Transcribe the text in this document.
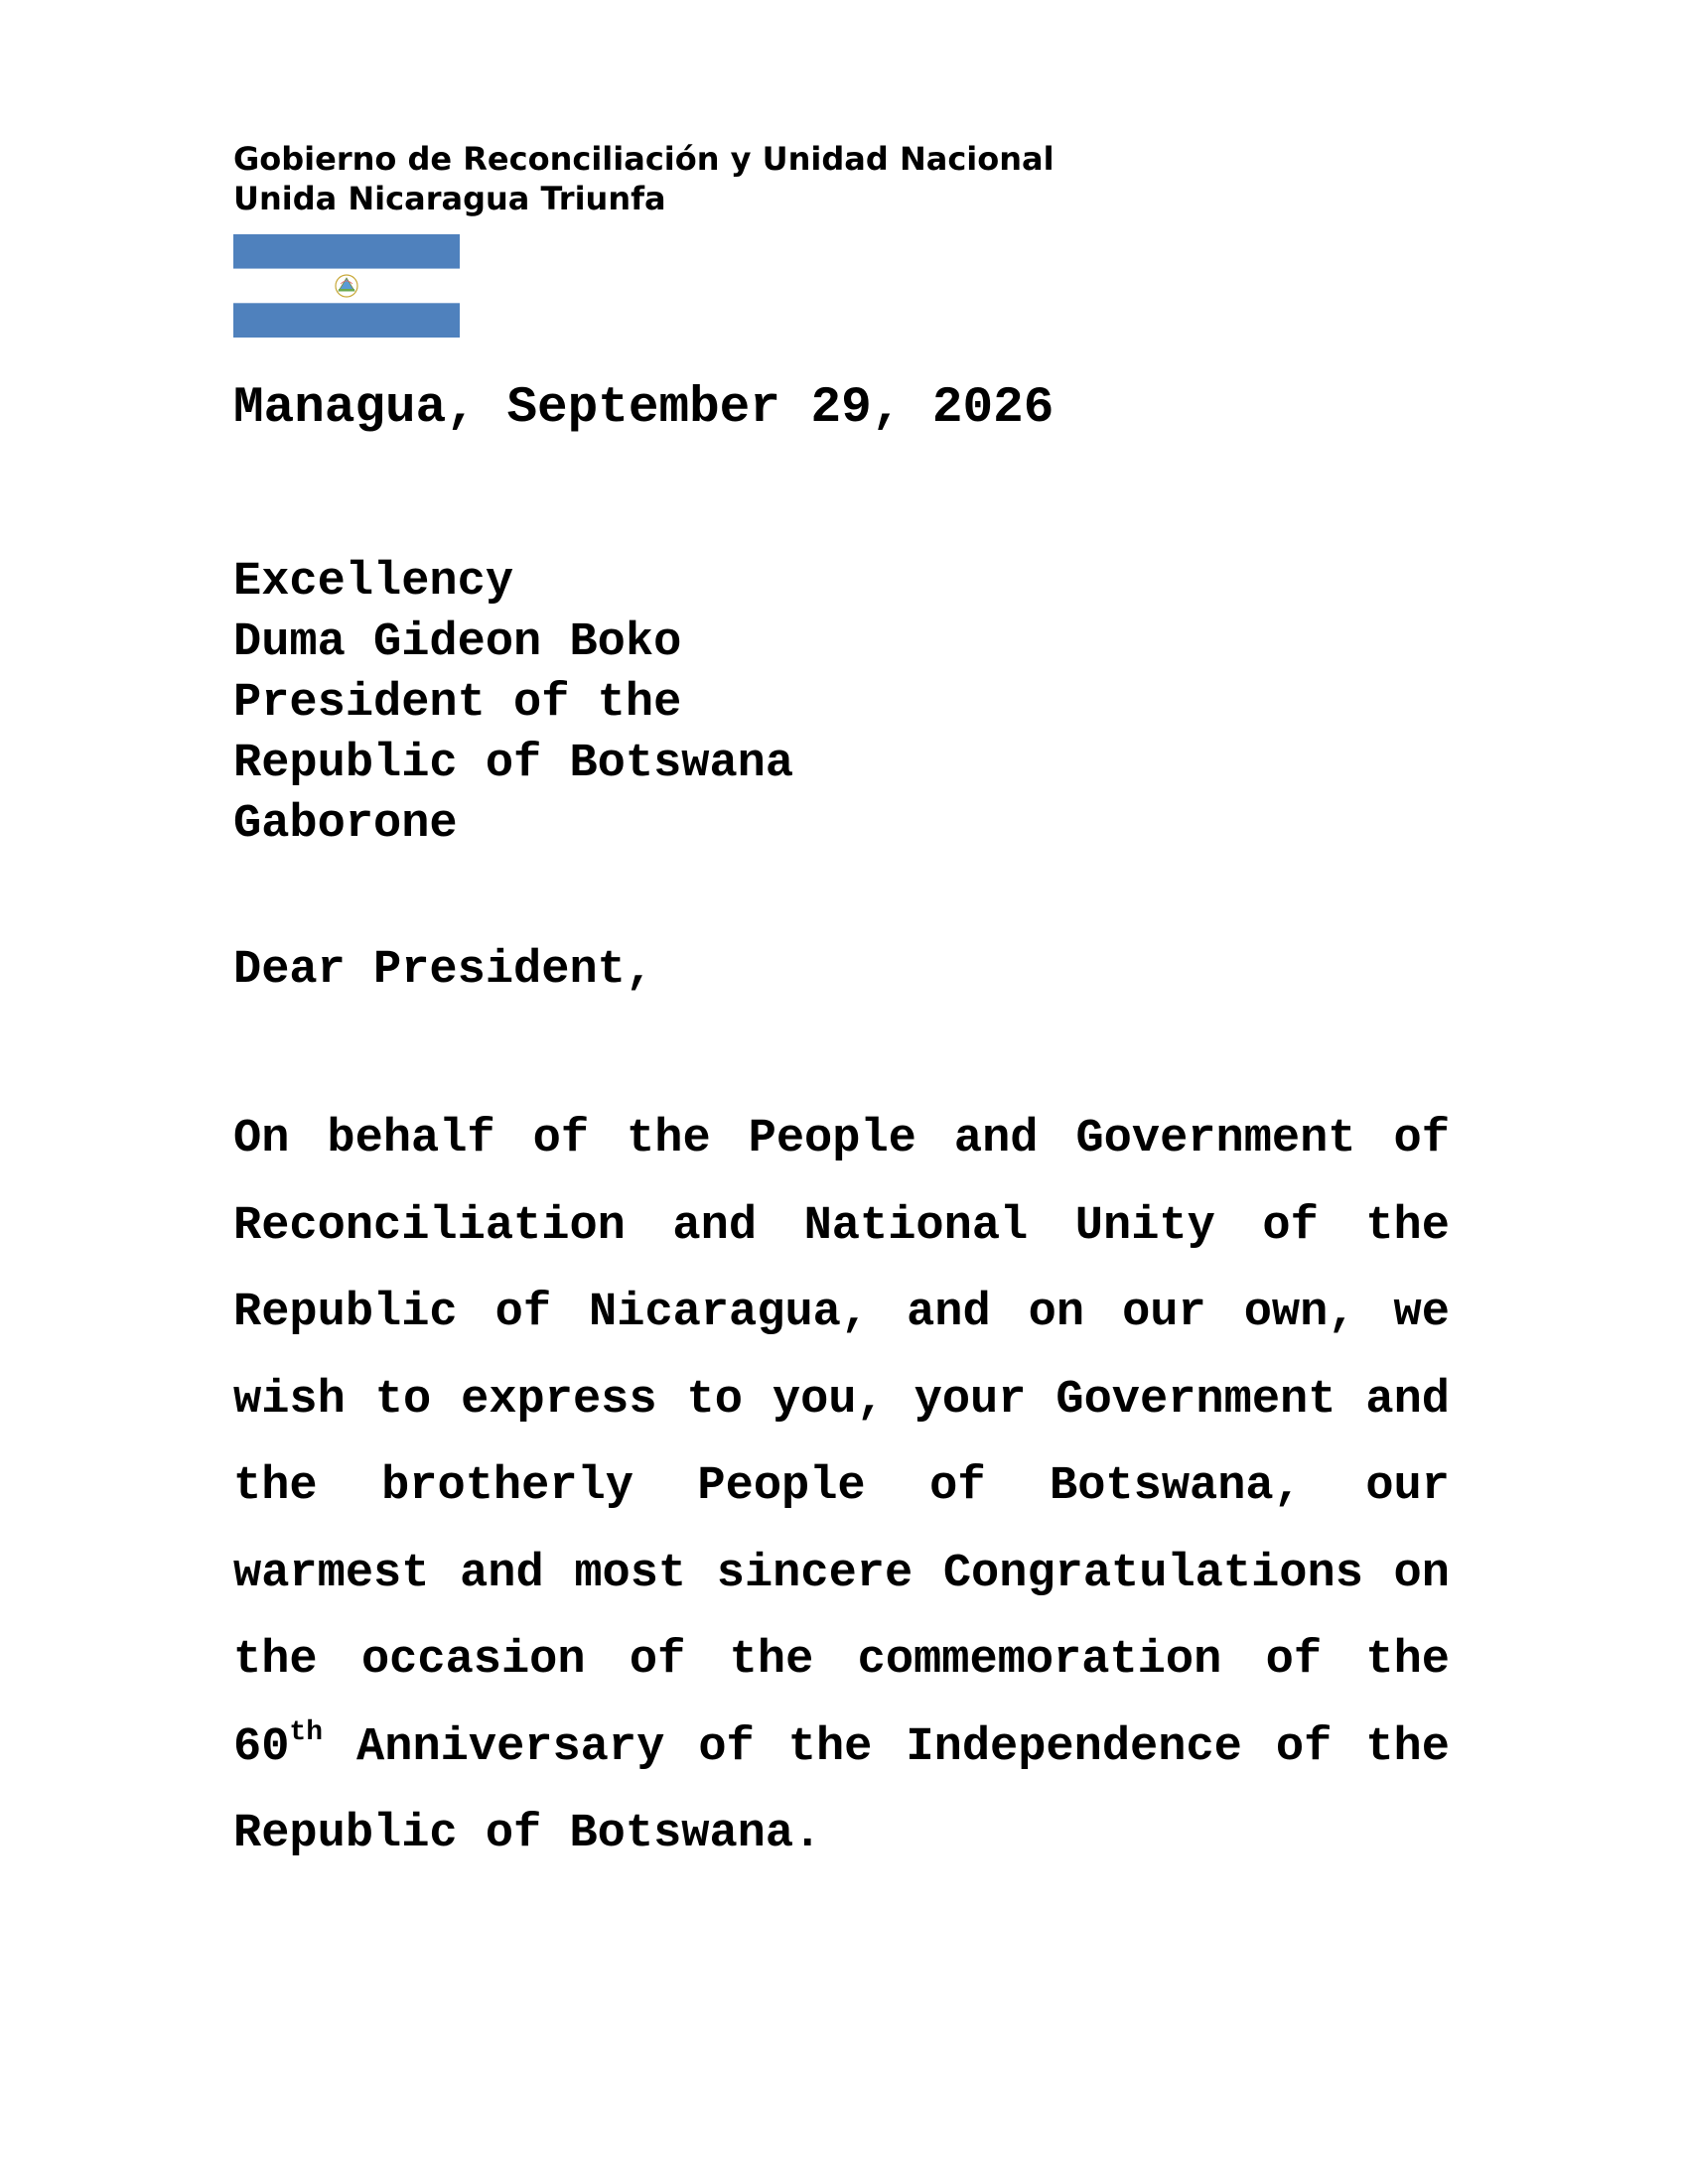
Gobierno de Reconciliación y Unidad Nacional
Unida Nicaragua Triunfa
Managua, September 29, 2026
Excellency
Duma Gideon Boko
President of the
Republic of Botswana
Gaborone
Dear President,
On behalf of the People and Government of
Reconciliation and National Unity of the
Republic of Nicaragua, and on our own, we
wish to express to you, your Government and
the brotherly People of Botswana, our
warmest and most sincere Congratulations on
the occasion of the commemoration of the
60th Anniversary of the Independence of the
Republic of Botswana.
